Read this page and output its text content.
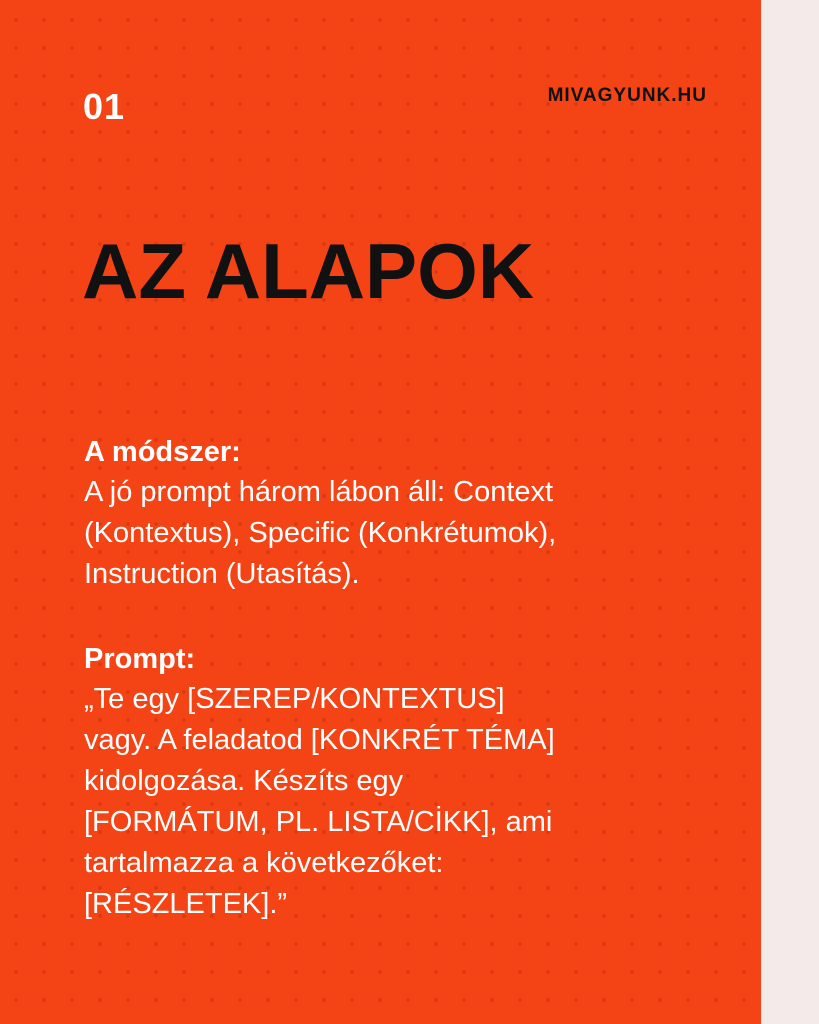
01	MIVAGYUNK.HU
AZ ALAPOK

A módszer:

A jó prompt három lábon áll: Context
(Kontextus), Specific (Konkrétumok),
Instruction (Utasítás).

Prompt:

„Te egy [SZEREP/KONTEXTUS]
vagy. A feladatod [KONKRÉT TÉMA]
kidolgozása. Készíts egy
[FORMÁTUM, PL. LISTA/CİKK], ami
tartalmazza a következőket:
[RÉSZLETEK].”
